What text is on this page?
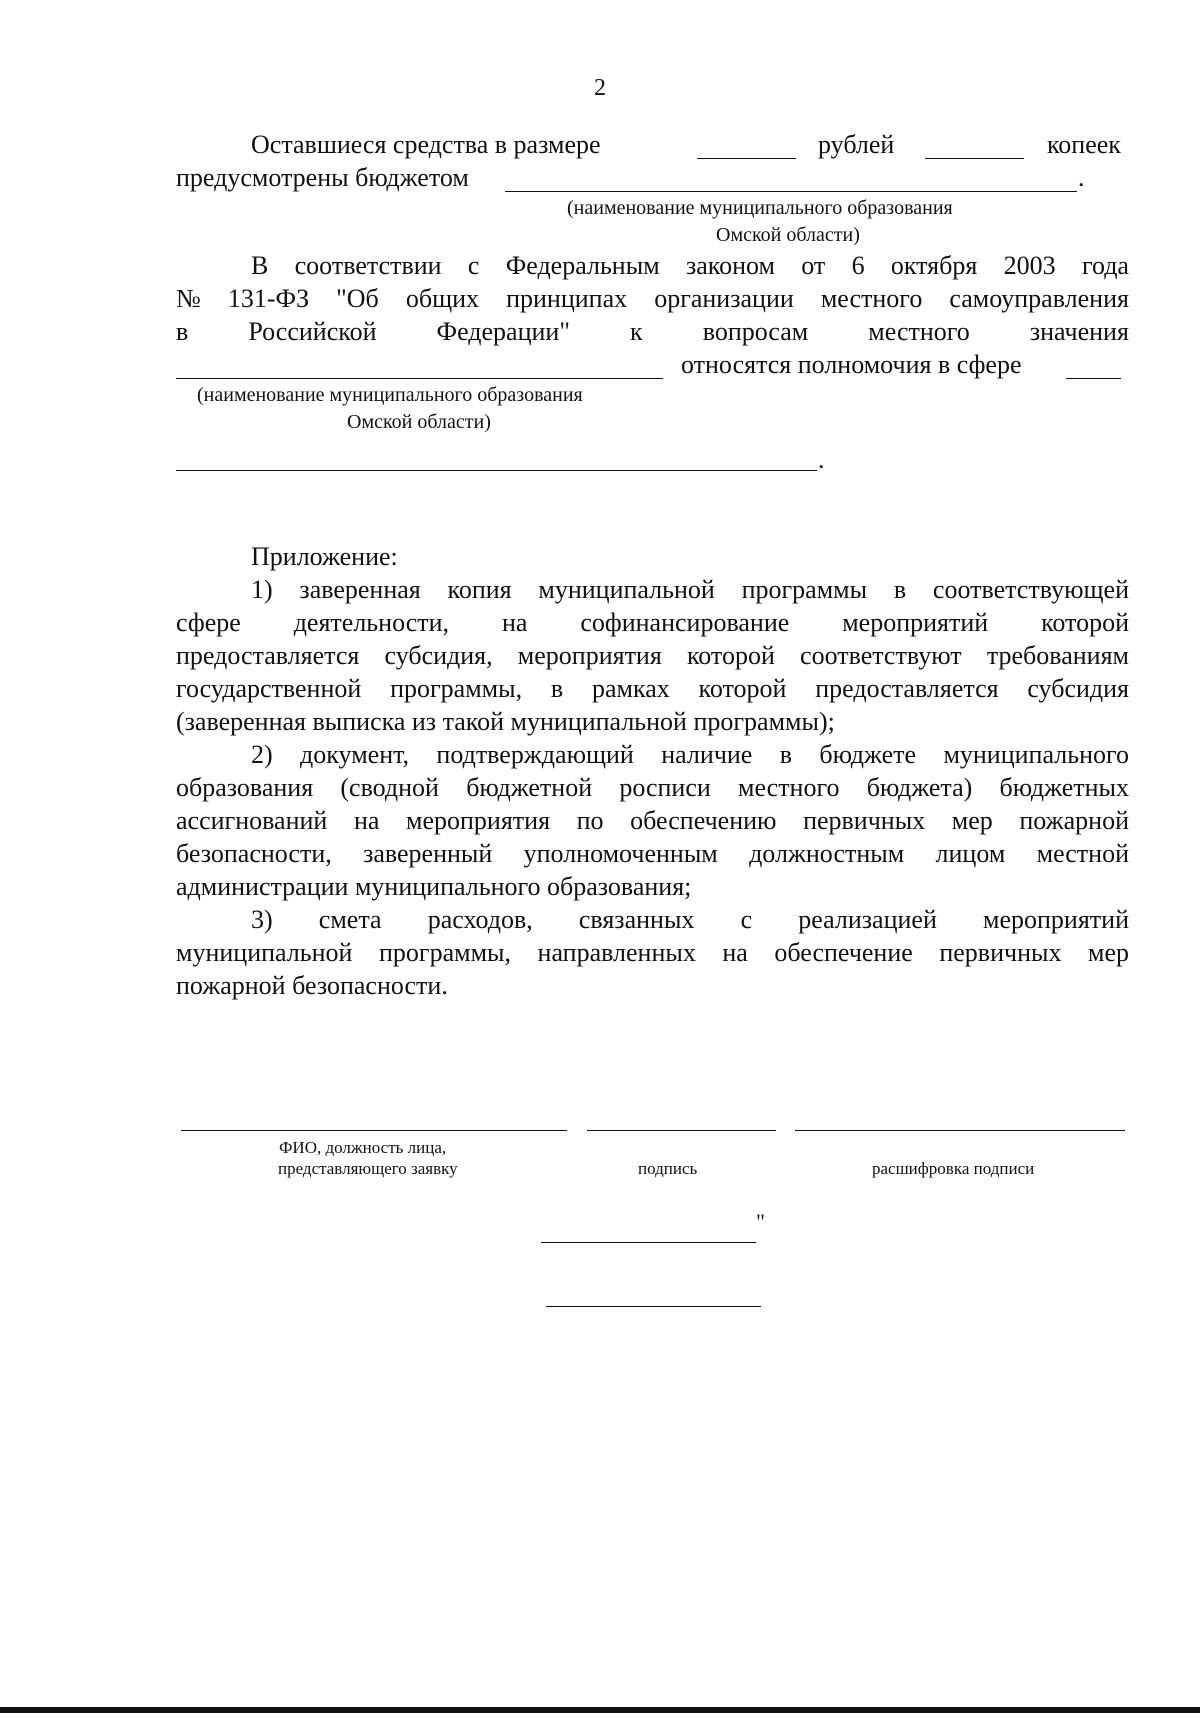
2
Оставшиеся средства в размере	рублей	копеек
предусмотрены бюджетом	.
(наименование муниципального образования
Омской области)
В соответствии с Федеральным законом от 6 октября 2003 года
№ 131-ФЗ "Об общих принципах организации местного самоуправления
в Российской Федерации" к вопросам местного значения
относятся полномочия в сфере
(наименование муниципального образования
Омской области)
.
Приложение:
1) заверенная копия муниципальной программы в соответствующей
сфере деятельности, на софинансирование мероприятий которой
предоставляется субсидия, мероприятия которой соответствуют требованиям
государственной программы, в рамках которой предоставляется субсидия
(заверенная выписка из такой муниципальной программы);
2) документ, подтверждающий наличие в бюджете муниципального
образования (сводной бюджетной росписи местного бюджета) бюджетных
ассигнований на мероприятия по обеспечению первичных мер пожарной
безопасности, заверенный уполномоченным должностным лицом местной
администрации муниципального образования;
3) смета расходов, связанных с реализацией мероприятий
муниципальной программы, направленных на обеспечение первичных мер
пожарной безопасности.
ФИО, должность лица,
представляющего заявку	подпись	расшифровка подписи
"
